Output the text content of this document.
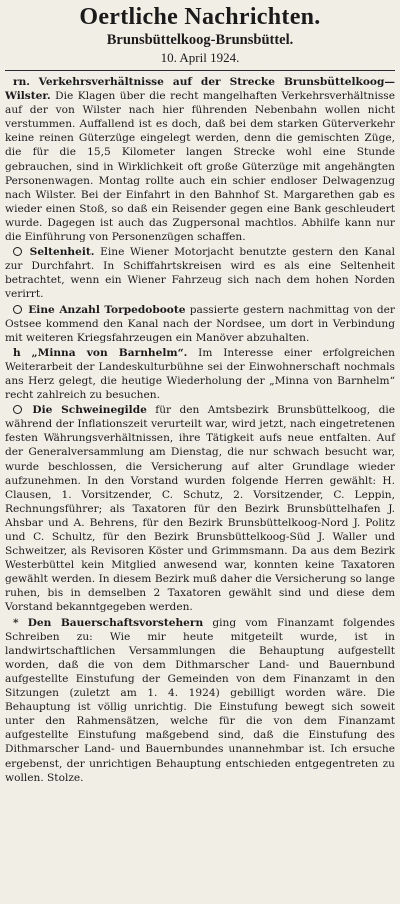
Oertliche Nachrichten.
Brunsbüttelkoog-Brunsbüttel.
10. April 1924.

rn. Verkehrsverhältnisse auf der Strecke Brunsbüttelkoog—Wilster. Die Klagen über die recht mangelhaften Verkehrsverhältnisse auf der von Wilster nach hier führenden Nebenbahn wollen nicht verstummen. Auffallend ist es doch, daß bei dem starken Güterverkehr keine reinen Güterzüge eingelegt werden, denn die gemischten Züge, die für die 15,5 Kilometer langen Strecke wohl eine Stunde gebrauchen, sind in Wirklichkeit oft große Güterzüge mit angehängten Personenwagen. Montag rollte auch ein schier endloser Delwagenzug nach Wilster. Bei der Einfahrt in den Bahnhof St. Margarethen gab es wieder einen Stoß, so daß ein Reisender gegen eine Bank geschleudert wurde. Dagegen ist auch das Zugpersonal machtlos. Abhilfe kann nur die Einführung von Personenzügen schaffen.

Seltenheit. Eine Wiener Motorjacht benutzte gestern den Kanal zur Durchfahrt. In Schiffahrtskreisen wird es als eine Seltenheit betrachtet, wenn ein Wiener Fahrzeug sich nach dem hohen Norden verirrt.

Eine Anzahl Torpedoboote passierte gestern nachmittag von der Ostsee kommend den Kanal nach der Nordsee, um dort in Verbindung mit weiteren Kriegsfahrzeugen ein Manöver abzuhalten.

h „Minna von Barnhelm“. Im Interesse einer erfolgreichen Weiterarbeit der Landeskulturbühne sei der Einwohnerschaft nochmals ans Herz gelegt, die heutige Wiederholung der „Minna von Barnhelm“ recht zahlreich zu besuchen.

Die Schweinegilde für den Amtsbezirk Brunsbüttelkoog, die während der Inflationszeit verurteilt war, wird jetzt, nach eingetretenen festen Währungsverhältnissen, ihre Tätigkeit aufs neue entfalten. Auf der Generalversammlung am Dienstag, die nur schwach besucht war, wurde beschlossen, die Versicherung auf alter Grundlage wieder aufzunehmen. In den Vorstand wurden folgende Herren gewählt: H. Clausen, 1. Vorsitzender, C. Schutz, 2. Vorsitzender, C. Leppin, Rechnungsführer; als Taxatoren für den Bezirk Brunsbüttelhafen J. Ahsbar und A. Behrens, für den Bezirk Brunsbüttelkoog-Nord J. Politz und C. Schultz, für den Bezirk Brunsbüttelkoog-Süd J. Waller und Schweitzer, als Revisoren Köster und Grimmsmann. Da aus dem Bezirk Westerbüttel kein Mitglied anwesend war, konnten keine Taxatoren gewählt werden. In diesem Bezirk muß daher die Versicherung so lange ruhen, bis in demselben 2 Taxatoren gewählt sind und diese dem Vorstand bekanntgegeben werden.

* Den Bauerschaftsvorstehern ging vom Finanzamt folgendes Schreiben zu: Wie mir heute mitgeteilt wurde, ist in landwirtschaftlichen Versammlungen die Behauptung aufgestellt worden, daß die von dem Dithmarscher Land- und Bauernbund aufgestellte Einstufung der Gemeinden von dem Finanzamt in den Sitzungen (zuletzt am 1. 4. 1924) gebilligt worden wäre. Die Behauptung ist völlig unrichtig. Die Einstufung bewegt sich soweit unter den Rahmensätzen, welche für die von dem Finanzamt aufgestellte Einstufung maßgebend sind, daß die Einstufung des Dithmarscher Land- und Bauernbundes unannehmbar ist. Ich ersuche ergebenst, der unrichtigen Behauptung entschieden entgegentreten zu wollen. Stolze.
